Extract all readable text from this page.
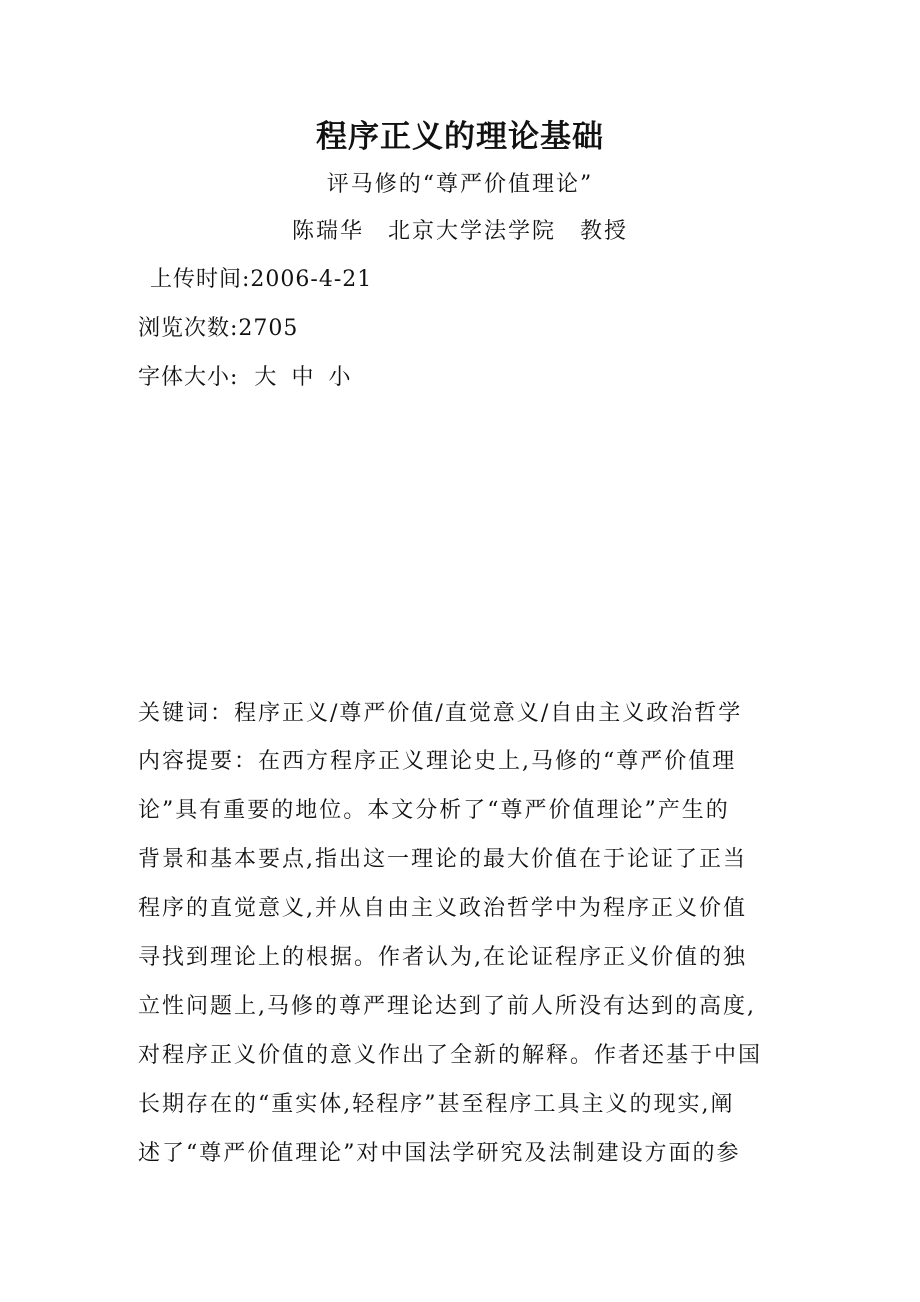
程序正义的理论基础
评马修的“尊严价值理论”
陈瑞华　北京大学法学院　教授
上传时间:2006-4-21
浏览次数:2705
字体大小: 大 中 小
关键词：程序正义/尊严价值/直觉意义/自由主义政治哲学
内容提要：在西方程序正义理论史上,马修的“尊严价值理
论”具有重要的地位。本文分析了“尊严价值理论”产生的
背景和基本要点,指出这一理论的最大价值在于论证了正当
程序的直觉意义,并从自由主义政治哲学中为程序正义价值
寻找到理论上的根据。作者认为,在论证程序正义价值的独
立性问题上,马修的尊严理论达到了前人所没有达到的高度,
对程序正义价值的意义作出了全新的解释。作者还基于中国
长期存在的“重实体,轻程序”甚至程序工具主义的现实,阐
述了“尊严价值理论”对中国法学研究及法制建设方面的参
